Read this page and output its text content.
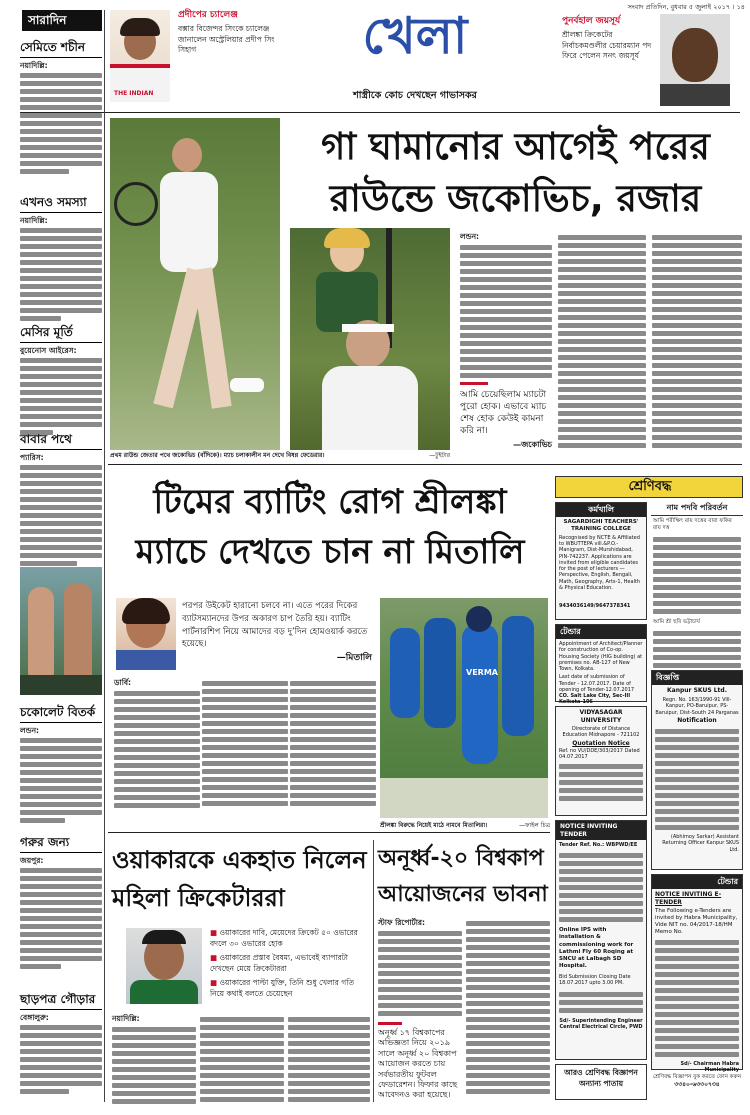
সারাদিন
THE INDIAN
প্রদীপের চ্যালেঞ্জ
বক্সার বিজেন্দর সিংকে চ্যালেঞ্জ জানালেন অস্ট্রেলিয়ার প্রদীপ সিং সিহাগ	খেলা
শাস্ত্রীকে কোচ দেখছেন গাভাসকর
সংবাদ প্রতিদিন, বুধবার ৫ জুলাই ২০১৭ । ১৪
পুনর্বহাল জয়সূর্য
শ্রীলঙ্কা ক্রিকেটের নির্বাচকমণ্ডলীর চেয়ারম্যান পদ ফিরে পেলেন সনৎ জয়সূর্য
সেমিতে শচীন
নয়াদিল্লি:
এখনও সমস্যা
নয়াদিল্লি:
মেসির মূর্তি
বুয়েনোস আইরেস:
বাবার পথে
প্যারিস:
চকোলেট বিতর্ক
লন্ডন:
গরুর জন্য
জয়পুর:
ছাড়পত্র গৌড়ার
বেঙ্গালুরু:
গা ঘামানোর আগেই পরের
রাউন্ডে জকোভিচ, রজার
লন্ডন:
আমি চেয়েছিলাম ম্যাচটা পুরো হোক। এভাবে ম্যাচ শেষ হোক কেউই কামনা করি না।
—জকোভিচ
প্রথম রাউন্ড জেতার পথে জকোভিচ (বাঁদিকে)। ম্যাচ চলাকালীন মন দেখে বিষণ্ণ ফেডেরার।	—টুইটার
টিমের ব্যাটিং রোগ শ্রীলঙ্কা
ম্যাচে দেখতে চান না মিতালি
পরপর উইকেট হারানো চলবে না। এতে পরের দিকের ব্যাটসম্যানদের উপর অকারণ চাপ তৈরি হয়। ব্যাটিং পার্টনারশিপ নিয়ে আমাদের বড় দু’দিন হোমওয়ার্ক করতে হয়েছে।
—মিতালি
ডার্বি:
VERMA
শ্রীলঙ্কা বিরুদ্ধে নিয়েই মাঠে নামবে মিতালিরা।	—ফাইল চিত্র
ওয়াকারকে একহাত নিলেন
মহিলা ক্রিকেটাররা
■ ওয়াকারের দাবি, মেয়েদের ক্রিকেট ৫০ ওভারের বদলে ৩০ ওভারের হোক
■ ওয়াকারের প্রস্তাব বৈষম্য, এভাবেই ব্যাপারটা দেখছেন মেয়ে ক্রিকেটাররা
■ ওয়াকারের পাল্টা যুক্তি, তিনি শুধু খেলার গতি নিয়ে কথাই বলতে চেয়েছেন
নয়াদিল্লি:
অনূর্ধ্ব-২০ বিশ্বকাপ
আয়োজনের ভাবনা
স্টাফ রিপোর্টার:
অনূর্ধ্ব ১৭ বিশ্বকাপের অভিজ্ঞতা নিয়ে ২০১৯ সালে অনূর্ধ্ব ২০ বিশ্বকাপ আয়োজন করতে চায় সর্বভারতীয় ফুটবল ফেডারেশন। ফিফার কাছে আবেদনও করা হয়েছে।
শ্রেণিবদ্ধ
কর্মখালি
SAGARDIGHI TEACHERS' TRAINING COLLEGE
Recognised by NCTE & Affiliated to WBUTTEPA vill.&P.O.-Manigram, Dist-Murshidabad, PIN-742237. Applications are invited from eligible candidates for the post of lecturers — Perspective, English, Bengali, Math, Geography, Arts-1, Health & Physical Education.
9434036149/9647378341
টেন্ডার
Appointment of Architect/Planner for construction of Co-op. Housing Society (HIG building) at premises no. AB-127 of New Town, Kolkata.
Last date of submission of Tender - 12.07.2017. Date of opening of Tender-12.07.2017
CO. Salt Lake City, Sec-III Kolkata-106
VIDYASAGAR UNIVERSITY
Directorate of Distance Education Midnapore - 721102
Quotation Notice
Ref. no VU/DDE/303/2017 Dated 04.07.2017
NOTICE INVITING TENDER
Tender Ref. No.: WBPWD/EE
Online IPS with installation & commissioning work for Lathmi Fly 60 Roqing at SNCU at Lalbagh SD Hospital.
Bid Submission Closing Date 18.07.2017 upto 3.00 PM.
Sd/- Superintending Engineer Central Electrical Circle, PWD
আরও শ্রেণিবদ্ধ বিজ্ঞাপন অন্যান্য পাতায়
নাম পদবি পরিবর্তন
আমি পরীক্ষিৎ রায় দত্তের বাবা ফকির রায় দত্ত
আমি শ্রী ছবি ভট্টাচার্য
বিজ্ঞপ্তি
Kanpur SKUS Ltd.
Regn. No. 163/1990-91 Vill-Kanpur, PO-Baruipur, PS-Baruipur, Dist-South 24 Parganas
Notification
(Abhimoy Sarkar) Assistant Returning Officer Kanpur SKUS Ltd.
টেন্ডার
NOTICE INVITING E-TENDER
The Following e-Tenders are invited by Habra Municipality, Vide NIT no. 04/2017-18/HM Memo No.
Sd/- Chairman Habra Municipality
শ্রেণিবদ্ধ বিজ্ঞাপন বুক করতে ফোন করুন
৩৩৪০-৬৩৩০৭৩৪
